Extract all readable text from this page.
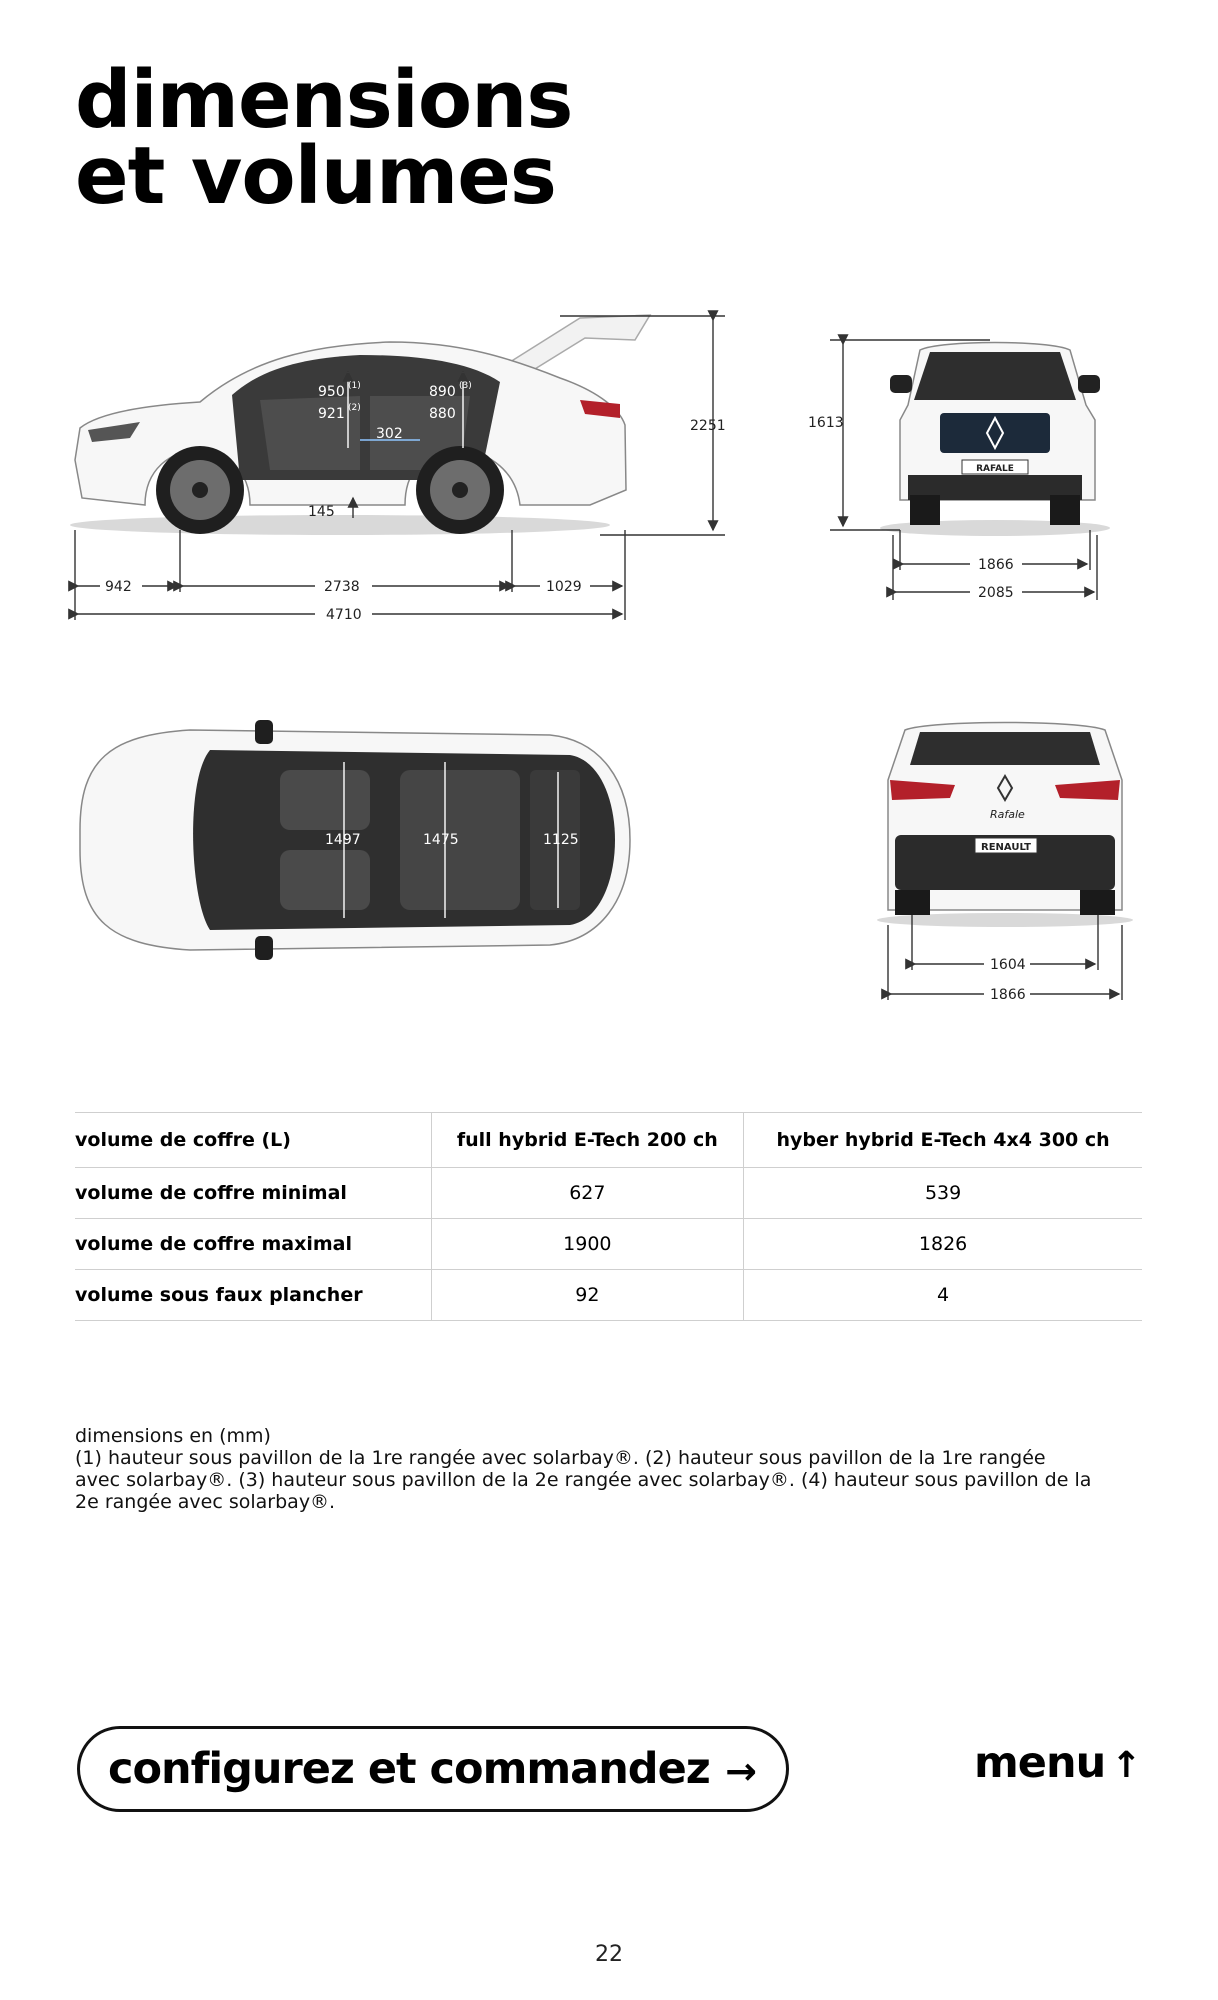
dimensions
et volumes
950 (1)
921 (2)
890 (3)
880
302
145
2251
942	2738	1029
4710
RAFALE
1613
1866
2085
1497	1475	1125
Rafale
RENAULT
1604
1866
volume de coffre (L)	full hybrid E-Tech 200 ch	hyber hybrid E-Tech 4x4 300 ch
volume de coffre minimal	627	539
volume de coffre maximal	1900	1826
volume sous faux plancher	92	4
dimensions en (mm)
(1) hauteur sous pavillon de la 1re rangée avec solarbay®. (2) hauteur sous pavillon de la 1re rangée avec solarbay®. (3) hauteur sous pavillon de la 2e rangée avec solarbay®. (4) hauteur sous pavillon de la 2e rangée avec solarbay®.
configurez et commandez →	menu ↑
22
